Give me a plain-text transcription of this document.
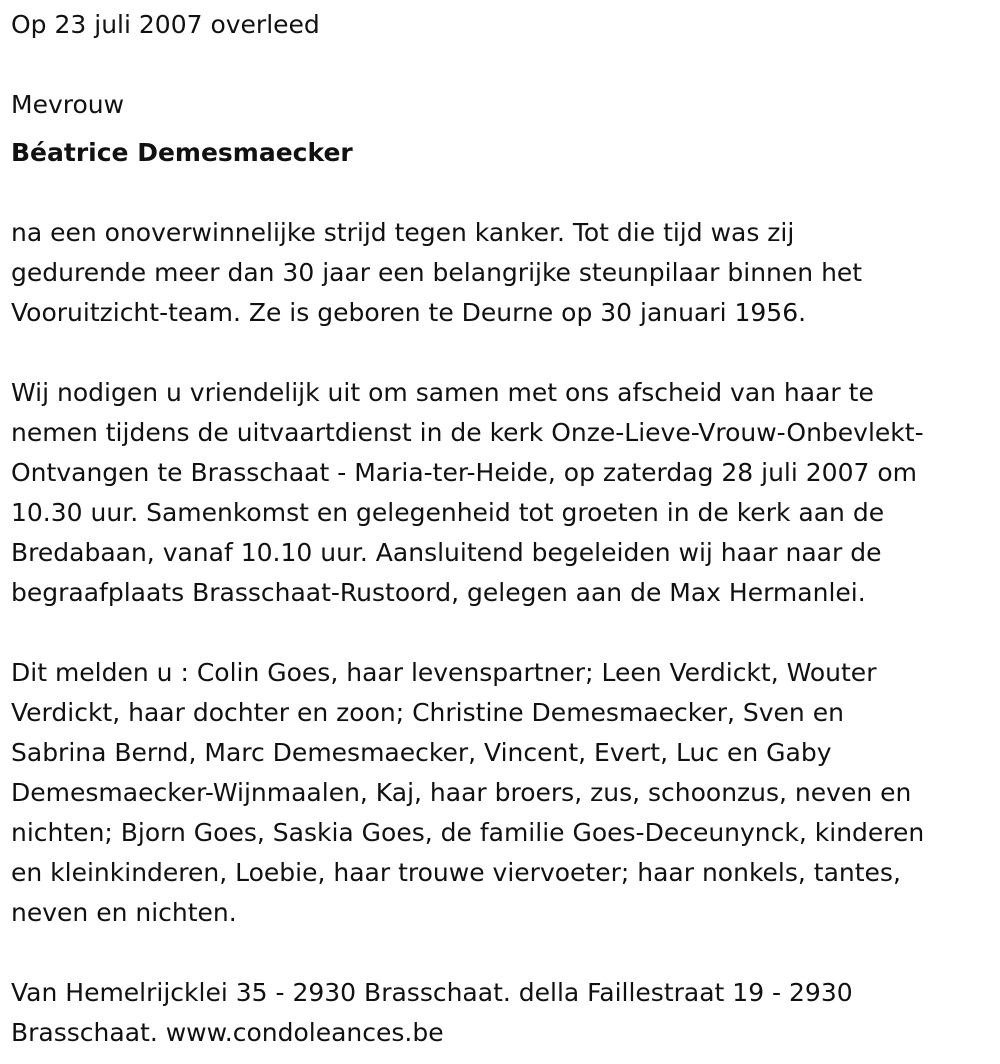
Op 23 juli 2007 overleed

Mevrouw

Béatrice Demesmaecker

na een onoverwinnelijke strijd tegen kanker. Tot die tijd was zij
gedurende meer dan 30 jaar een belangrijke steunpilaar binnen het
Vooruitzicht-team. Ze is geboren te Deurne op 30 januari 1956.
Wij nodigen u vriendelijk uit om samen met ons afscheid van haar te
nemen tijdens de uitvaartdienst in de kerk Onze-Lieve-Vrouw-Onbevlekt-
Ontvangen te Brasschaat - Maria-ter-Heide, op zaterdag 28 juli 2007 om
10.30 uur. Samenkomst en gelegenheid tot groeten in de kerk aan de
Bredabaan, vanaf 10.10 uur. Aansluitend begeleiden wij haar naar de
begraafplaats Brasschaat-Rustoord, gelegen aan de Max Hermanlei.
Dit melden u : Colin Goes, haar levenspartner; Leen Verdickt, Wouter
Verdickt, haar dochter en zoon; Christine Demesmaecker, Sven en
Sabrina Bernd, Marc Demesmaecker, Vincent, Evert, Luc en Gaby
Demesmaecker-Wijnmaalen, Kaj, haar broers, zus, schoonzus, neven en
nichten; Bjorn Goes, Saskia Goes, de familie Goes-Deceunynck, kinderen
en kleinkinderen, Loebie, haar trouwe viervoeter; haar nonkels, tantes,
neven en nichten.
Van Hemelrijcklei 35 - 2930 Brasschaat. della Faillestraat 19 - 2930
Brasschaat. www.condoleances.be
